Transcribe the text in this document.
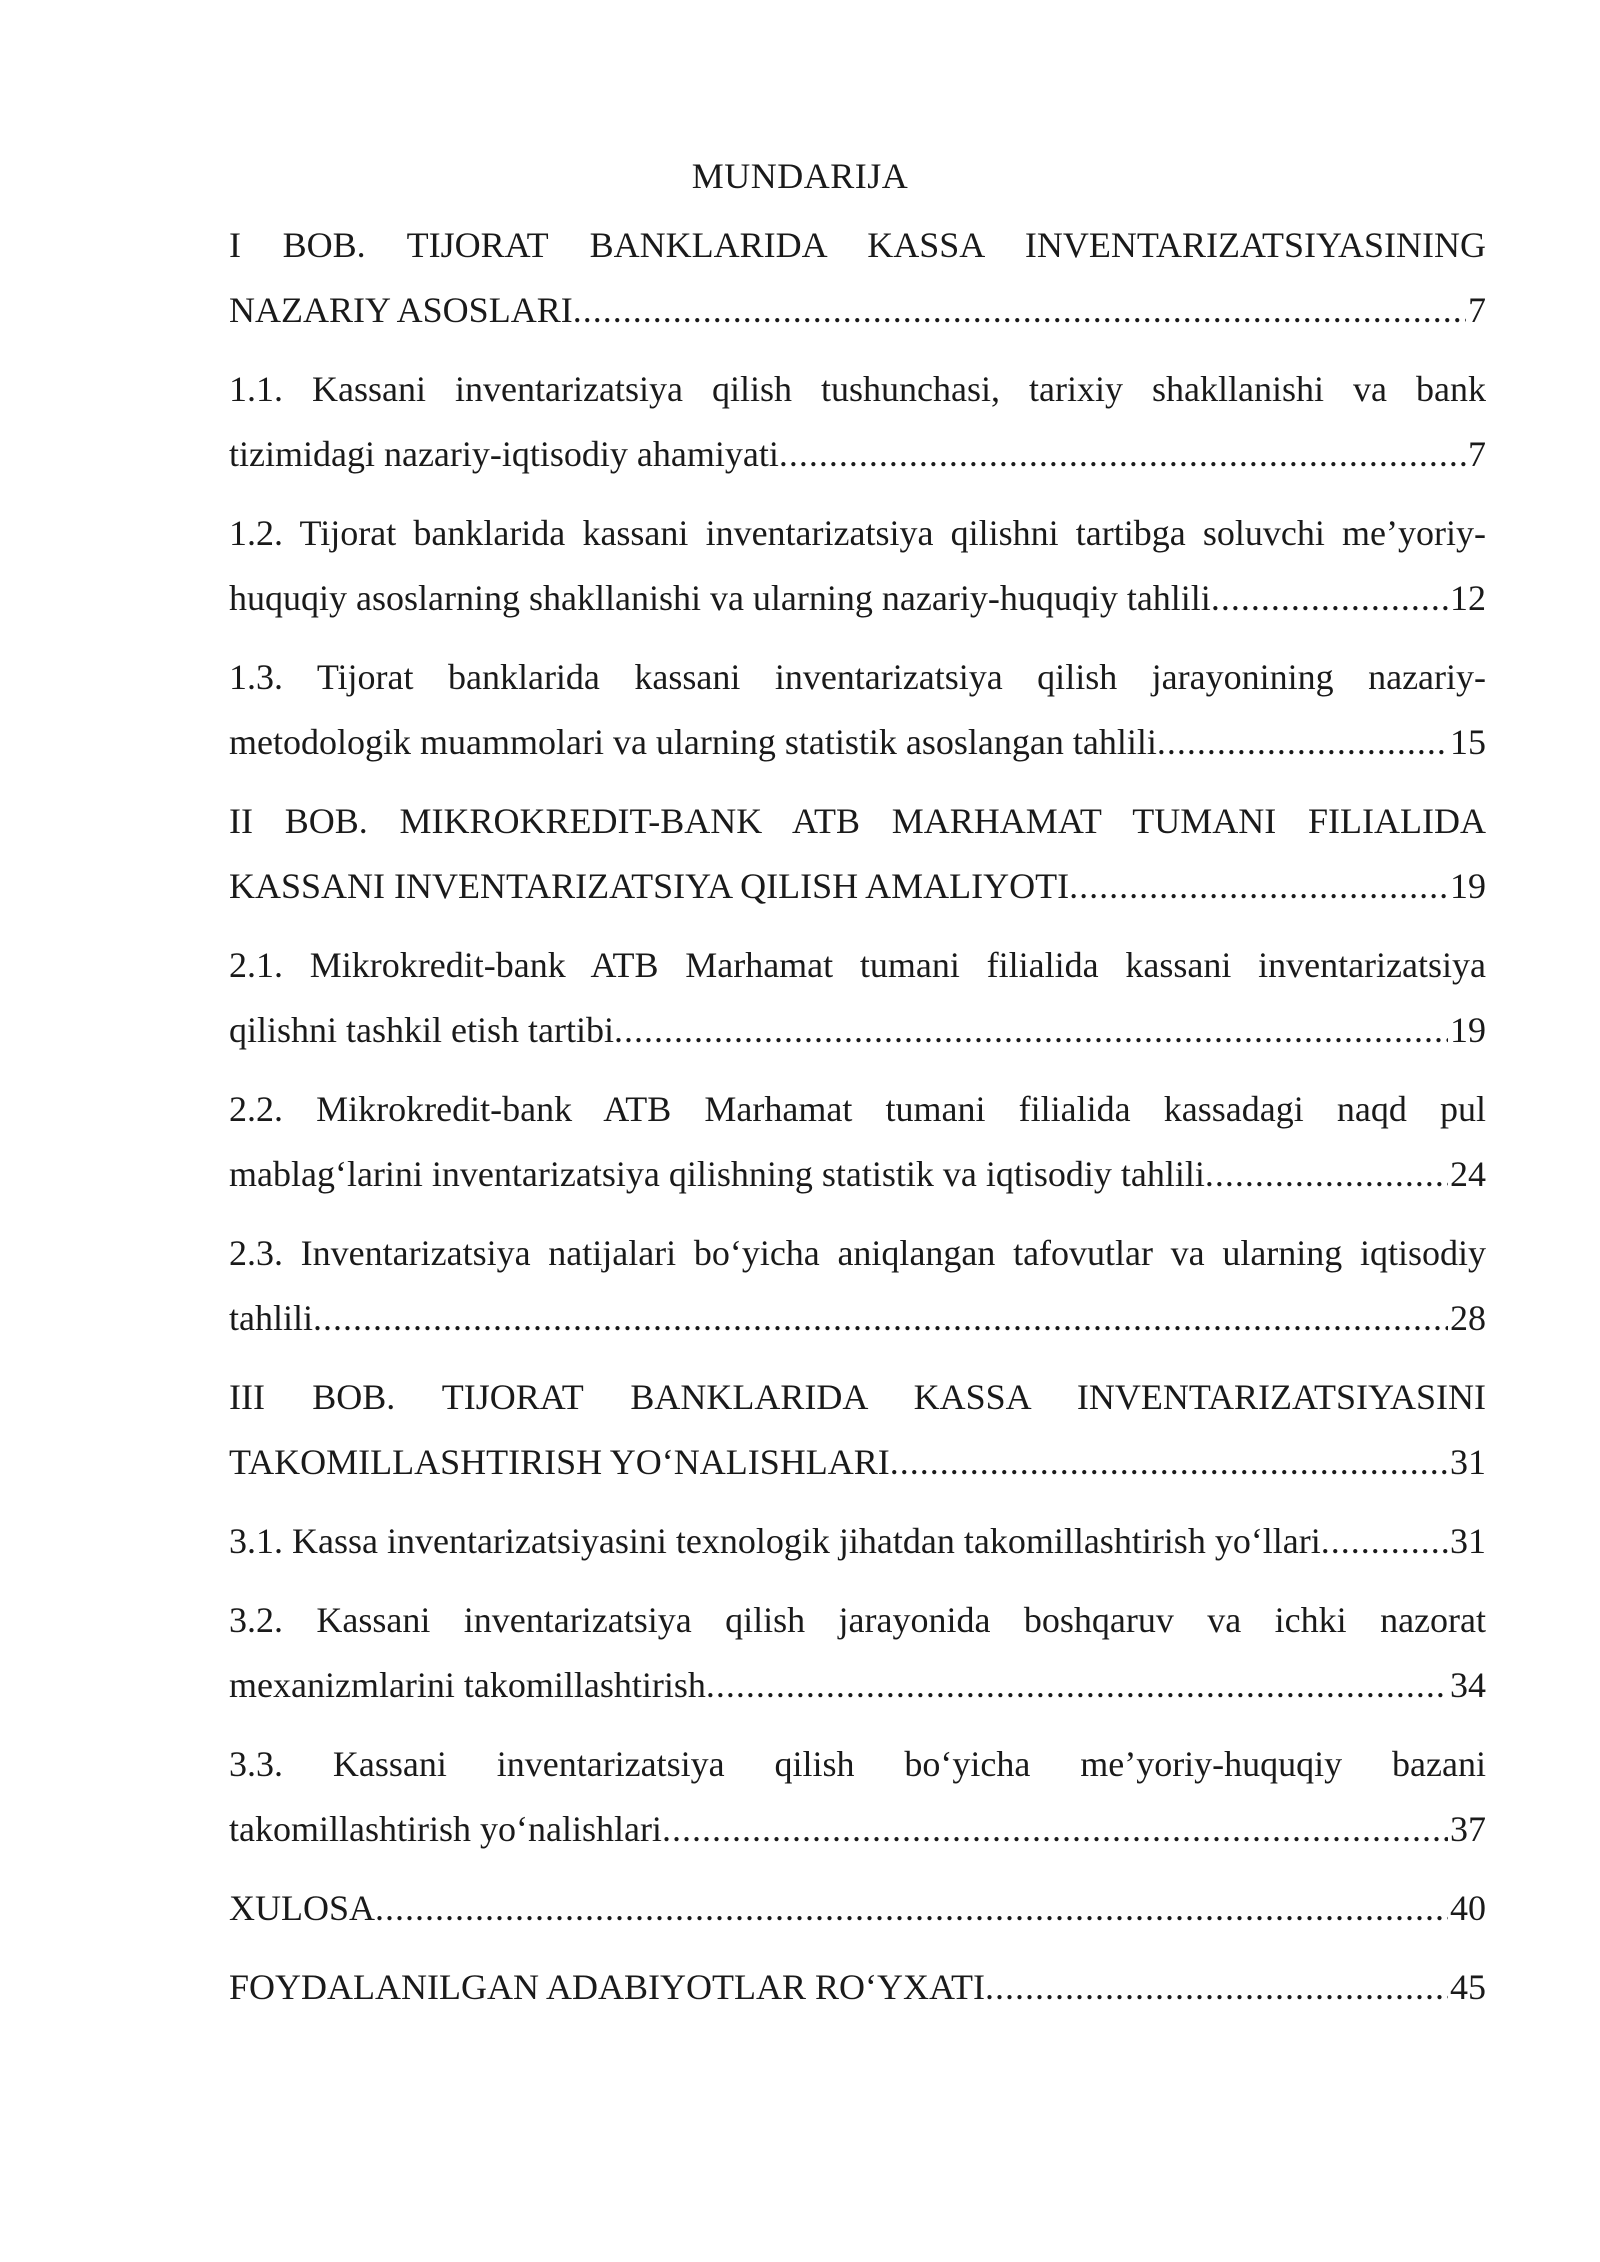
MUNDARIJA
I BOB. TIJORAT BANKLARIDA KASSA INVENTARIZATSIYASINING
NAZARIY ASOSLARI .....	7
1.1. Kassani inventarizatsiya qilish tushunchasi, tarixiy shakllanishi va bank
tizimidagi nazariy-iqtisodiy ahamiyati .....	7
1.2. Tijorat banklarida kassani inventarizatsiya qilishni tartibga soluvchi me’yoriy-
huquqiy asoslarning shakllanishi va ularning nazariy-huquqiy tahlili .....	12
1.3. Tijorat banklarida kassani inventarizatsiya qilish jarayonining nazariy-
metodologik muammolari va ularning statistik asoslangan tahlili .....	15
II BOB. MIKROKREDIT-BANK ATB MARHAMAT TUMANI FILIALIDA
KASSANI INVENTARIZATSIYA QILISH AMALIYOTI .....	19
2.1. Mikrokredit-bank ATB Marhamat tumani filialida kassani inventarizatsiya
qilishni tashkil etish tartibi .....	19
2.2. Mikrokredit-bank ATB Marhamat tumani filialida kassadagi naqd pul
mablag‘larini inventarizatsiya qilishning statistik va iqtisodiy tahlili .....	24
2.3. Inventarizatsiya natijalari bo‘yicha aniqlangan tafovutlar va ularning iqtisodiy
tahlili .....	28
III BOB. TIJORAT BANKLARIDA KASSA INVENTARIZATSIYASINI
TAKOMILLASHTIRISH YO‘NALISHLARI .....	31
3.1. Kassa inventarizatsiyasini texnologik jihatdan takomillashtirish yo‘llari .....	31
3.2. Kassani inventarizatsiya qilish jarayonida boshqaruv va ichki nazorat
mexanizmlarini takomillashtirish .....	34
3.3. Kassani inventarizatsiya qilish bo‘yicha me’yoriy-huquqiy bazani
takomillashtirish yo‘nalishlari .....	37
XULOSA .....	40
FOYDALANILGAN ADABIYOTLAR RO‘YXATI .....	45
